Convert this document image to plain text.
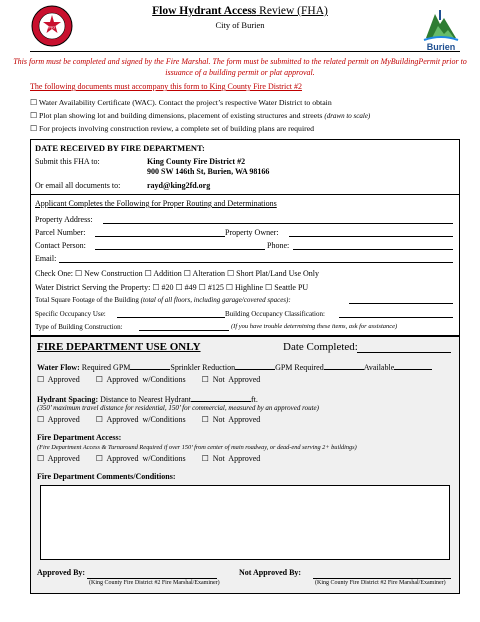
KING 2
Burien
Flow Hydrant Access Review (FHA)
City of Burien
This form must be completed and signed by the Fire Marshal. The form must be submitted to the related permit on MyBuildingPermit prior to issuance of a building permit or plat approval.
The following documents must accompany this form to King County Fire District #2
☐ Water Availability Certificate (WAC). Contact the project’s respective Water District to obtain
☐ Plot plan showing lot and building dimensions, placement of existing structures and streets (drawn to scale)
☐ For projects involving construction review, a complete set of building plans are required
DATE RECEIVED BY FIRE DEPARTMENT:
Submit this FHA to:	King County Fire District #2
900 SW 146th St, Burien, WA 98166
Or email all documents to:	rayd@king2fd.org
Applicant Completes the Following for Proper Routing and Determinations
Property Address:
Parcel Number:	Property Owner:
Contact Person:	Phone:
Email:
Check One: ☐ New Construction ☐ Addition ☐ Alteration ☐ Short Plat/Land Use Only
Water District Serving the Property: ☐ #20 ☐ #49 ☐ #125 ☐ Highline ☐ Seattle PU
Total Square Footage of the Building (total of all floors, including garage/covered spaces):
Specific Occupancy Use:	Building Occupancy Classification:
Type of Building Construction:	(If you have trouble determining these items, ask for assistance)
FIRE DEPARTMENT USE ONLY	Date Completed:
Water Flow: Required GPM	Sprinkler Reduction	GPM Required	Available
☐ Approved ☐ Approved w/Conditions ☐ Not Approved
Hydrant Spacing: Distance to Nearest Hydrant	ft.
(350’ maximum travel distance for residential, 150’ for commercial, measured by an approved route)
☐ Approved ☐ Approved w/Conditions ☐ Not Approved
Fire Department Access:
(Fire Department Access & Turnaround Required if over 150’ from center of main roadway, or dead-end serving 2+ buildings)
☐ Approved ☐ Approved w/Conditions ☐ Not Approved
Fire Department Comments/Conditions:
Approved By:
(King County Fire District #2 Fire Marshal/Examiner)
Not Approved By:
(King County Fire District #2 Fire Marshal/Examiner)
